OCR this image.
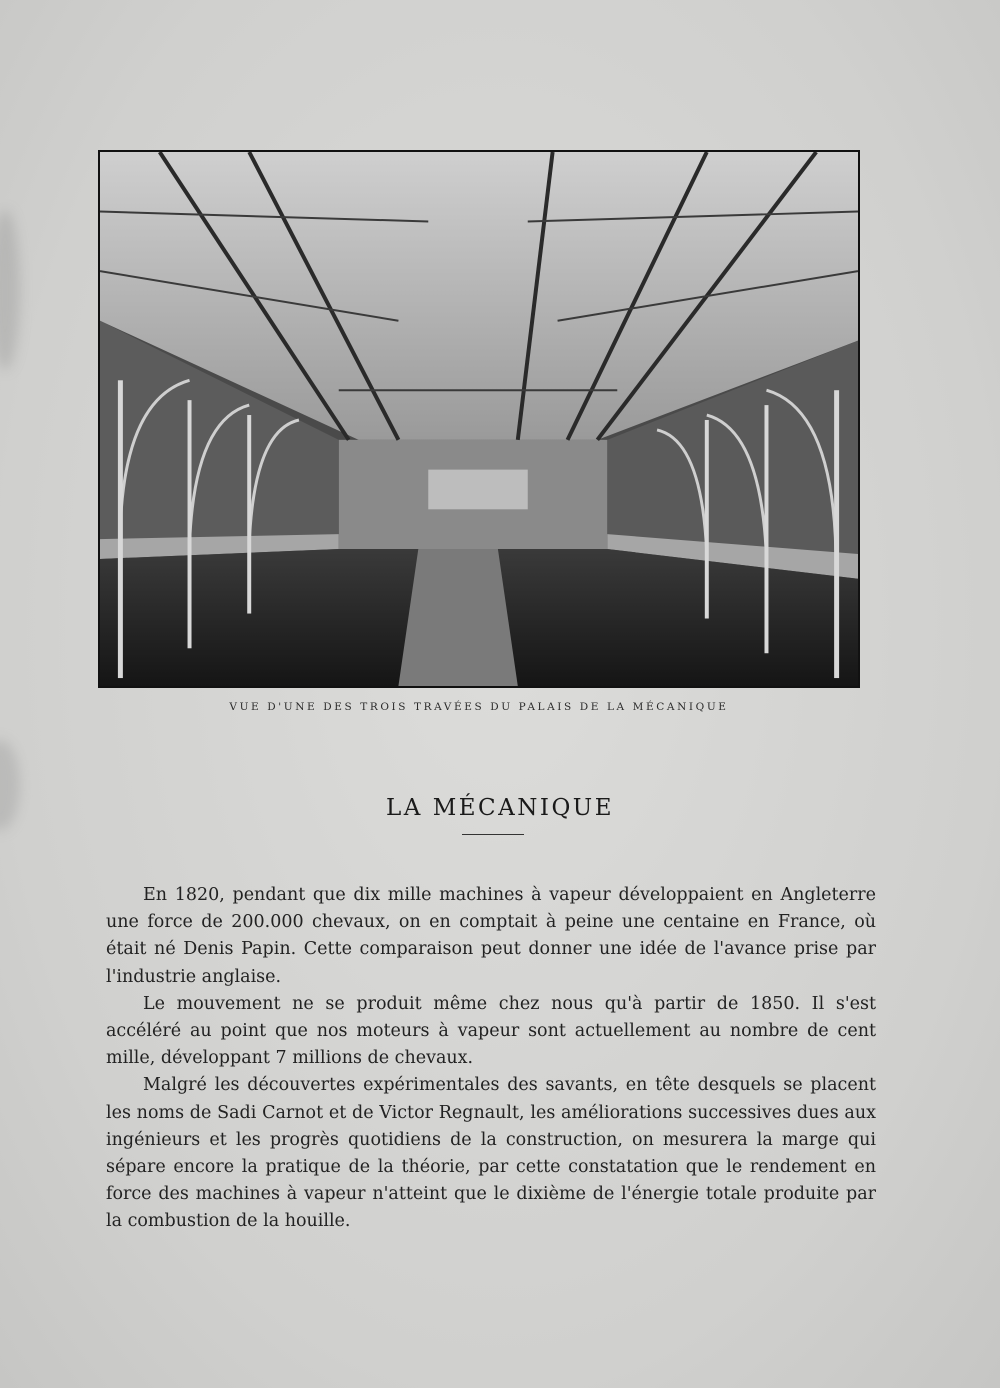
VUE D'UNE DES TROIS TRAVÉES DU PALAIS DE LA MÉCANIQUE
LA MÉCANIQUE

En 1820, pendant que dix mille machines à vapeur développaient en Angleterre une force de 200.000 chevaux, on en comptait à peine une centaine en France, où était né Denis Papin. Cette comparaison peut donner une idée de l'avance prise par l'industrie anglaise.

Le mouvement ne se produit même chez nous qu'à partir de 1850. Il s'est accéléré au point que nos moteurs à vapeur sont actuellement au nombre de cent mille, développant 7 millions de chevaux.

Malgré les découvertes expérimentales des savants, en tête desquels se placent les noms de Sadi Carnot et de Victor Regnault, les améliorations successives dues aux ingénieurs et les progrès quotidiens de la construction, on mesurera la marge qui sépare encore la pratique de la théorie, par cette constatation que le rendement en force des machines à vapeur n'atteint que le dixième de l'énergie totale produite par la combustion de la houille.
